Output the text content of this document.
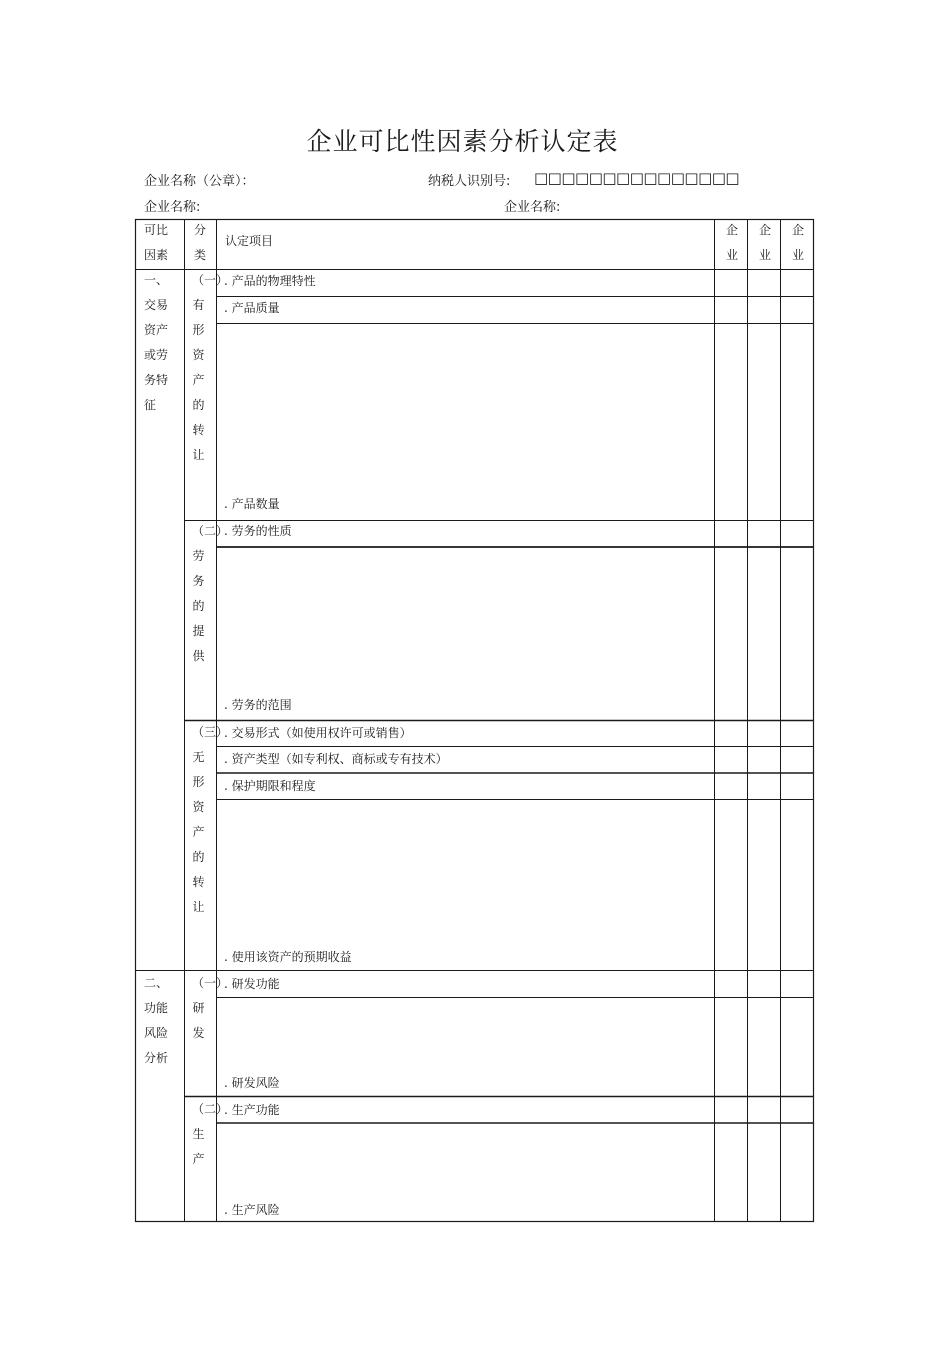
企业可比性因素分析认定表
企业名称（公章）：	纳税人识别号: □□□□□□□□□□□□□□□
企业名称:	企业名称:
可比因素
分类
认定项目
企业
企业
企业
一、交易资产或劳务特征
二、功能风险分析
（一）有形资产的转让
（二）劳务的提供
（三）无形资产的转让
（一）研发
（二）生产
. 产品的物理特性
. 产品质量
. 产品数量
. 劳务的性质
. 劳务的范围
. 交易形式（如使用权许可或销售）
. 资产类型（如专利权、商标或专有技术）
. 保护期限和程度
. 使用该资产的预期收益
. 研发功能
. 研发风险
. 生产功能
. 生产风险
